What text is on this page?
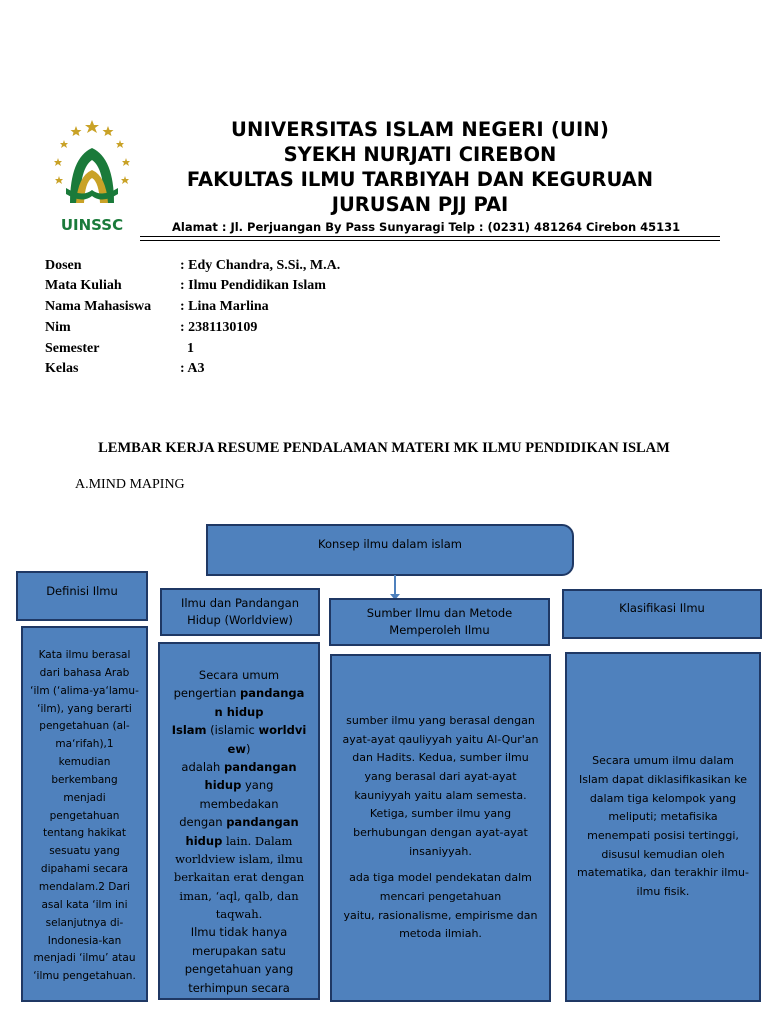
UINSSC
UNIVERSITAS ISLAM NEGERI (UIN)
SYEKH NURJATI CIREBON
FAKULTAS ILMU TARBIYAH DAN KEGURUAN
JURUSAN PJJ PAI
Alamat : Jl. Perjuangan By Pass Sunyaragi Telp : (0231) 481264 Cirebon 45131
Dosen	: Edy Chandra, S.Si., M.A.
Mata Kuliah	: Ilmu Pendidikan Islam
Nama Mahasiswa : Lina Marlina
Nim	: 2381130109
Semester	1
Kelas	: A3
LEMBAR KERJA RESUME PENDALAMAN MATERI MK ILMU PENDIDIKAN ISLAM
A.MIND MAPING
Konsep ilmu dalam islam
Definisi Ilmu
Ilmu dan Pandangan
Hidup (Worldview)	Sumber Ilmu dan Metode
Memperoleh Ilmu
Klasifikasi Ilmu
Kata ilmu berasal
dari bahasa Arab
‘ilm (‘alima-ya‘lamu-
‘ilm), yang berarti
pengetahuan (al-
ma‘rifah),1
kemudian
berkembang
menjadi
pengetahuan
tentang hakikat
sesuatu yang
dipahami secara
mendalam.2 Dari
asal kata ‘ilm ini
selanjutnya di-
Indonesia-kan
menjadi ‘ilmu’ atau
‘ilmu pengetahuan.
Secara umum
pengertian pandanga
n hidup
Islam (islamic worldvi
ew)
adalah pandangan
hidup yang
membedakan
dengan pandangan
hidup lain. Dalam
worldview islam, ilmu
berkaitan erat dengan
iman, ‘aql, qalb, dan
taqwah.
Ilmu tidak hanya
merupakan satu
pengetahuan yang
terhimpun secara
sumber ilmu yang berasal dengan
ayat-ayat qauliyyah yaitu Al-Qur'an
dan Hadits. Kedua, sumber ilmu
yang berasal dari ayat-ayat
kauniyyah yaitu alam semesta.
Ketiga, sumber ilmu yang
berhubungan dengan ayat-ayat
insaniyyah.
ada tiga model pendekatan dalm
mencari pengetahuan
yaitu, rasionalisme, empirisme dan
metoda ilmiah.
Secara umum ilmu dalam
Islam dapat diklasifikasikan ke
dalam tiga kelompok yang
meliputi; metafisika
menempati posisi tertinggi,
disusul kemudian oleh
matematika, dan terakhir ilmu-
ilmu fisik.
